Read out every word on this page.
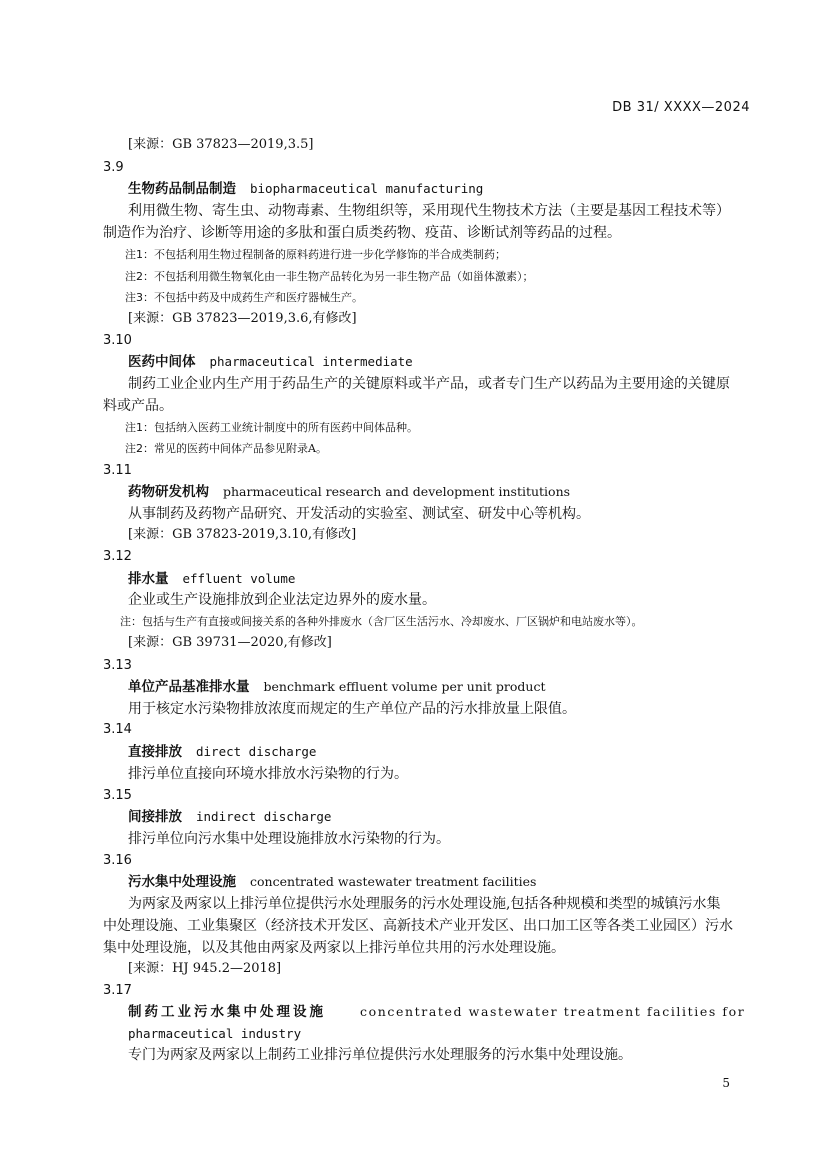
DB 31/ XXXX—2024
[来源：GB 37823—2019,3.5]
3.9
生物药品制品制造 biopharmaceutical manufacturing
利用微生物、寄生虫、动物毒素、生物组织等，采用现代生物技术方法（主要是基因工程技术等）
制造作为治疗、诊断等用途的多肽和蛋白质类药物、疫苗、诊断试剂等药品的过程。
注1：不包括利用生物过程制备的原料药进行进一步化学修饰的半合成类制药；
注2：不包括利用微生物氧化由一非生物产品转化为另一非生物产品（如甾体激素）；
注3：不包括中药及中成药生产和医疗器械生产。
[来源：GB 37823—2019,3.6,有修改]
3.10
医药中间体 pharmaceutical intermediate
制药工业企业内生产用于药品生产的关键原料或半产品，或者专门生产以药品为主要用途的关键原
料或产品。
注1：包括纳入医药工业统计制度中的所有医药中间体品种。
注2：常见的医药中间体产品参见附录A。
3.11
药物研发机构 pharmaceutical research and development institutions
从事制药及药物产品研究、开发活动的实验室、测试室、研发中心等机构。
[来源：GB 37823-2019,3.10,有修改]
3.12
排水量 effluent volume
企业或生产设施排放到企业法定边界外的废水量。
注：包括与生产有直接或间接关系的各种外排废水（含厂区生活污水、冷却废水、厂区锅炉和电站废水等）。
[来源：GB 39731—2020,有修改]
3.13
单位产品基准排水量 benchmark effluent volume per unit product
用于核定水污染物排放浓度而规定的生产单位产品的污水排放量上限值。
3.14
直接排放 direct discharge
排污单位直接向环境水排放水污染物的行为。
3.15
间接排放 indirect discharge
排污单位向污水集中处理设施排放水污染物的行为。
3.16
污水集中处理设施 concentrated wastewater treatment facilities
为两家及两家以上排污单位提供污水处理服务的污水处理设施,包括各种规模和类型的城镇污水集
中处理设施、工业集聚区（经济技术开发区、高新技术产业开发区、出口加工区等各类工业园区）污水
集中处理设施，以及其他由两家及两家以上排污单位共用的污水处理设施。
[来源：HJ 945.2—2018]
3.17
制药工业污水集中处理设施	concentrated wastewater treatment facilities for
pharmaceutical industry
专门为两家及两家以上制药工业排污单位提供污水处理服务的污水集中处理设施。
5
